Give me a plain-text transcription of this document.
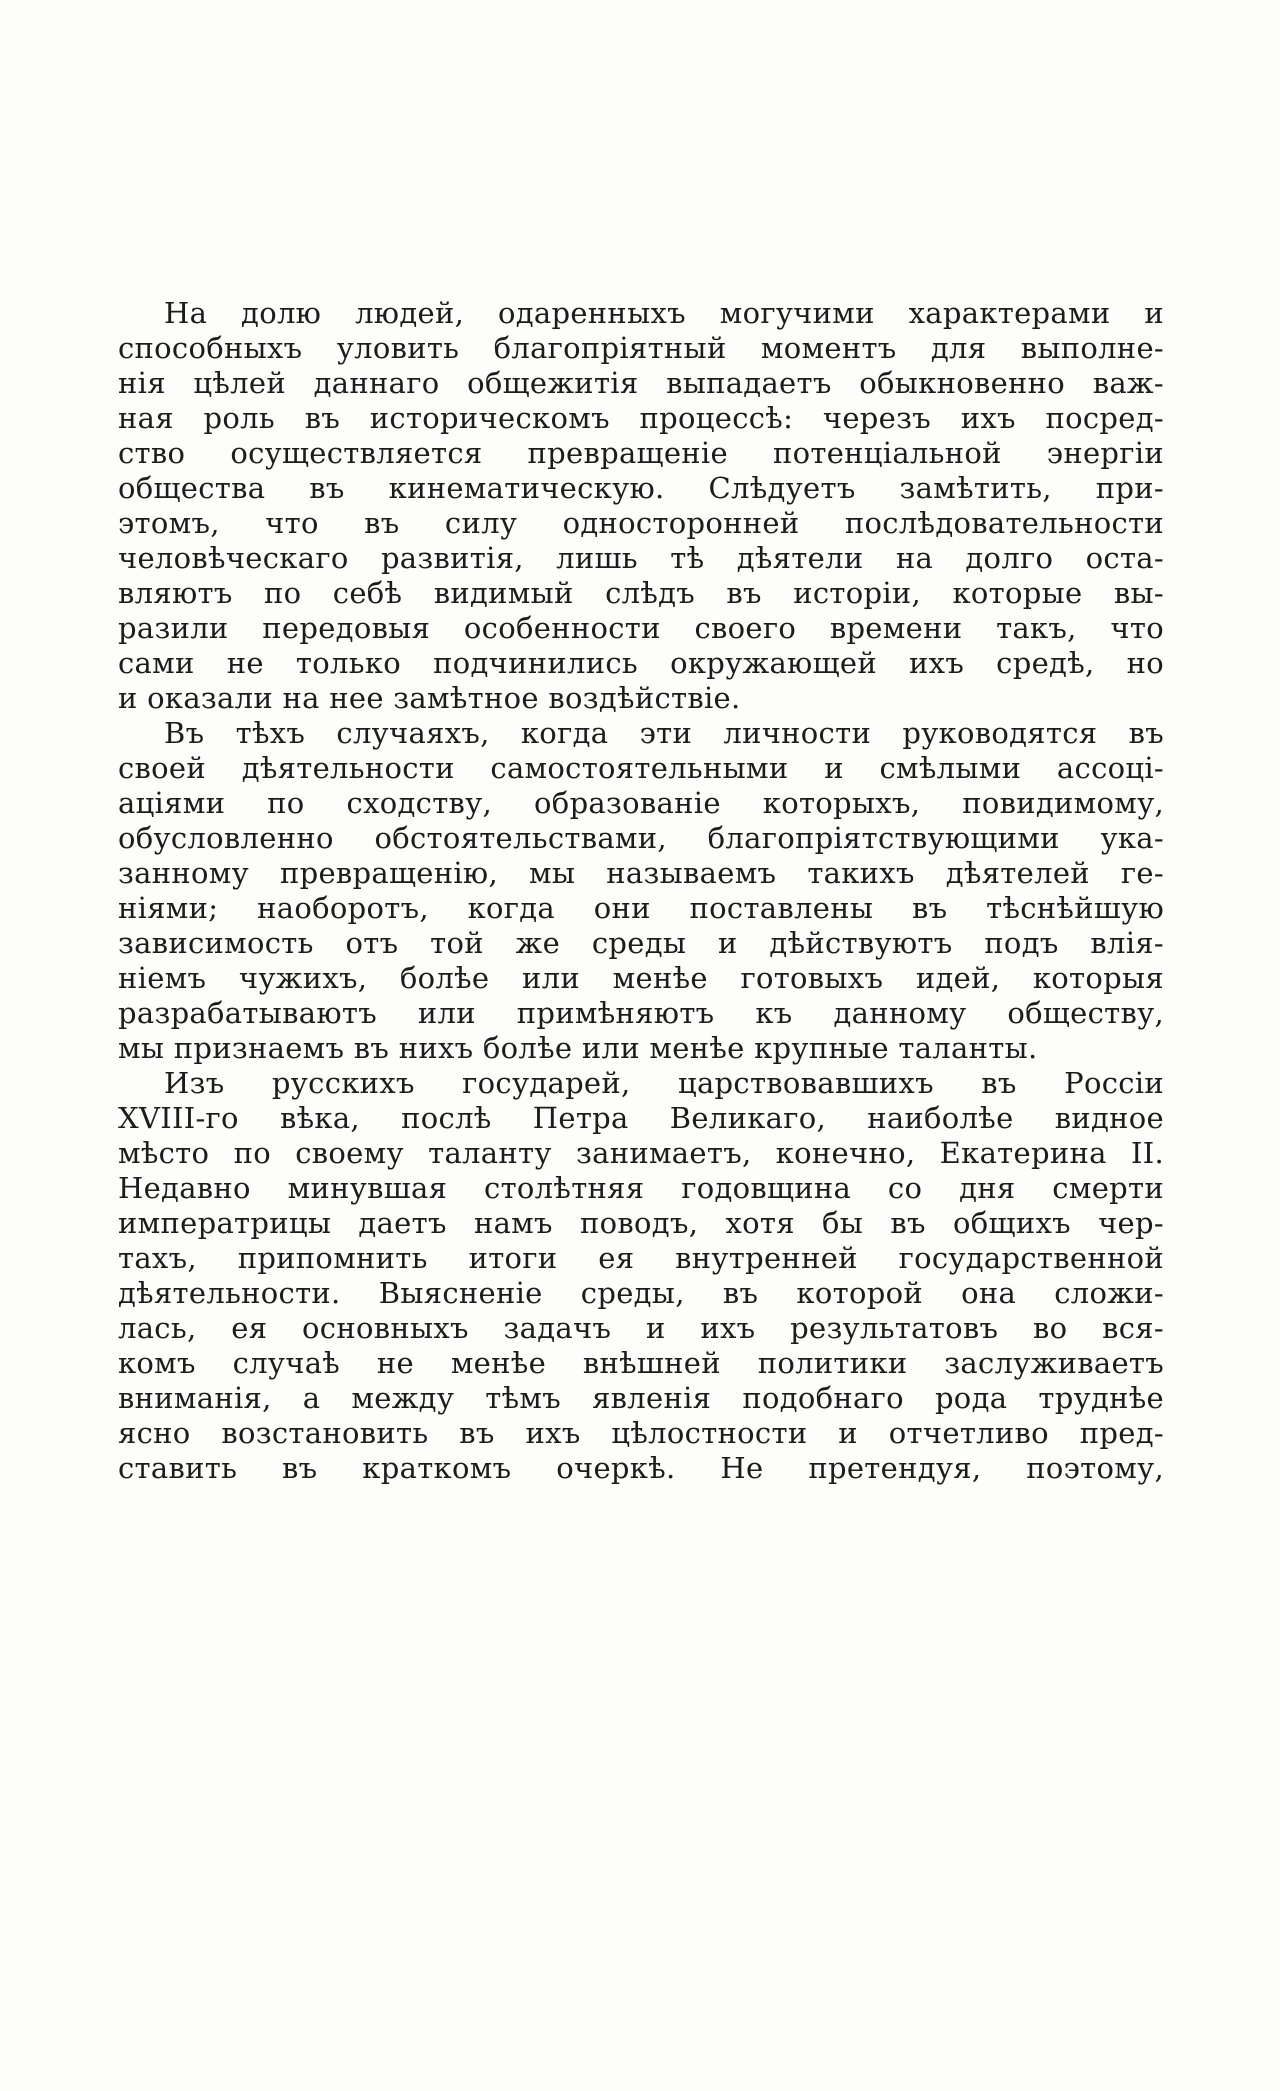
На долю людей, одаренныхъ могучими характерами и
способныхъ уловить благопріятный моментъ для выполне-
нія цѣлей даннаго общежитія выпадаетъ обыкновенно важ-
ная роль въ историческомъ процессѣ: черезъ ихъ посред-
ство осуществляется превращеніе потенціальной энергіи
общества въ кинематическую. Слѣдуетъ замѣтить, при-
этомъ, что въ силу односторонней послѣдовательности
человѣческаго развитія, лишь тѣ дѣятели на долго оста-
вляютъ по себѣ видимый слѣдъ въ исторіи, которые вы-
разили передовыя особенности своего времени такъ, что
сами не только подчинились окружающей ихъ средѣ, но
и оказали на нее замѣтное воздѣйствіе.
Въ тѣхъ случаяхъ, когда эти личности руководятся въ
своей дѣятельности самостоятельными и смѣлыми ассоці-
аціями по сходству, образованіе которыхъ, повидимому,
обусловленно обстоятельствами, благопріятствующими ука-
занному превращенію, мы называемъ такихъ дѣятелей ге-
ніями; наоборотъ, когда они поставлены въ тѣснѣйшую
зависимость отъ той же среды и дѣйствуютъ подъ влія-
ніемъ чужихъ, болѣе или менѣе готовыхъ идей, которыя
разрабатываютъ или примѣняютъ къ данному обществу,
мы признаемъ въ нихъ болѣе или менѣе крупные таланты.
Изъ русскихъ государей, царствовавшихъ въ Россіи
XVIII-го вѣка, послѣ Петра Великаго, наиболѣе видное
мѣсто по своему таланту занимаетъ, конечно, Екатерина II.
Недавно минувшая столѣтняя годовщина со дня смерти
императрицы даетъ намъ поводъ, хотя бы въ общихъ чер-
тахъ, припомнить итоги ея внутренней государственной
дѣятельности. Выясненіе среды, въ которой она сложи-
лась, ея основныхъ задачъ и ихъ результатовъ во вся-
комъ случаѣ не менѣе внѣшней политики заслуживаетъ
вниманія, а между тѣмъ явленія подобнаго рода труднѣе
ясно возстановить въ ихъ цѣлостности и отчетливо пред-
ставить въ краткомъ очеркѣ. Не претендуя, поэтому,
